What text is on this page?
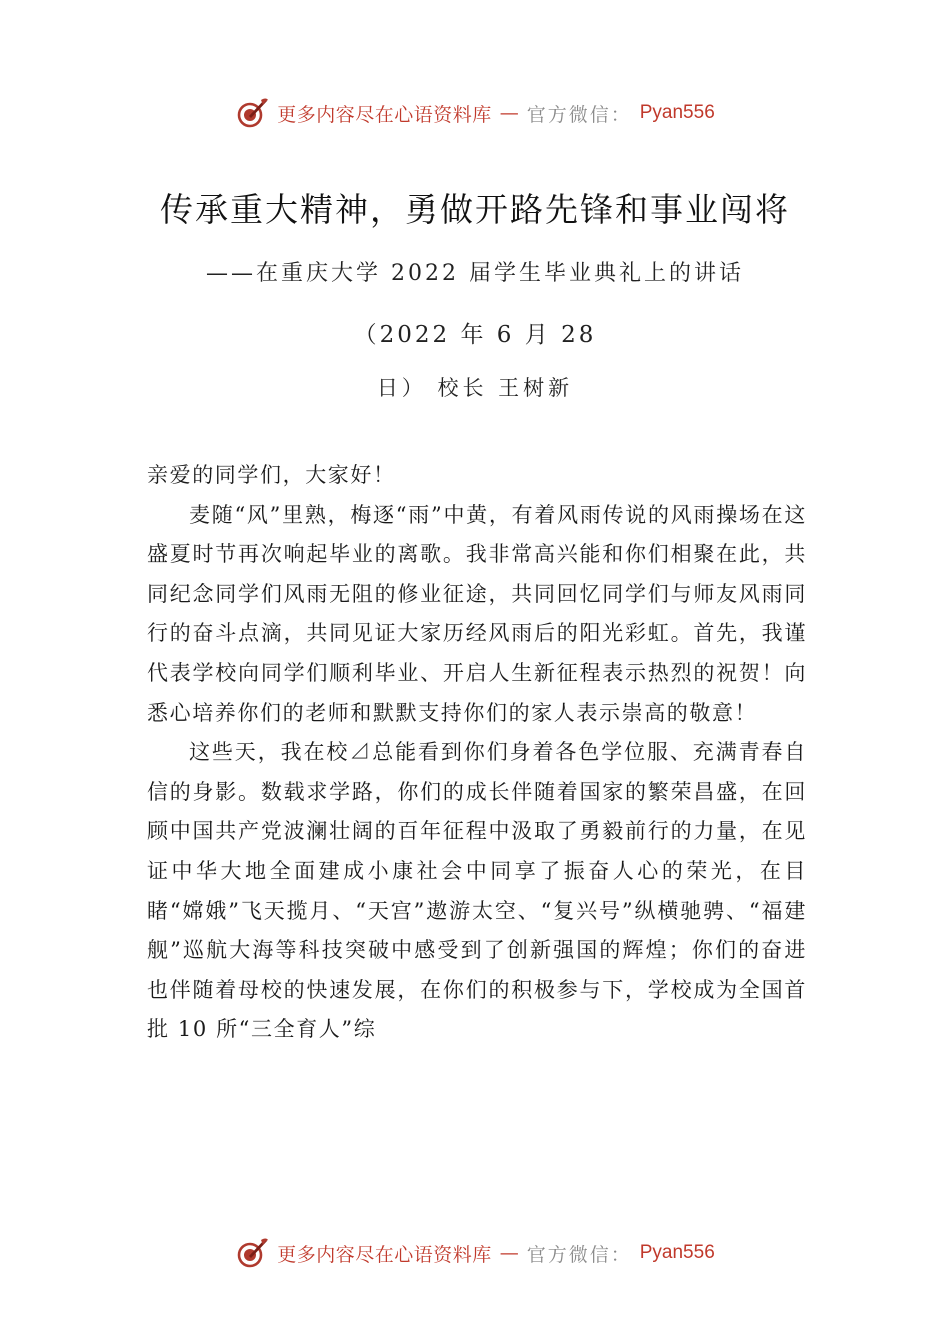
更多内容尽在心语资料库 — 官方微信： Pyan556
传承重大精神，勇做开路先锋和事业闯将
——在重庆大学 2022 届学生毕业典礼上的讲话
（2022 年 6 月 28
日） 校长 王树新

亲爱的同学们，大家好！

麦随“风”里熟，梅逐“雨”中黄，有着风雨传说的风雨操场在这盛夏时节再次响起毕业的离歌。我非常高兴能和你们相聚在此，共同纪念同学们风雨无阻的修业征途，共同回忆同学们与师友风雨同行的奋斗点滴，共同见证大家历经风雨后的阳光彩虹。首先，我谨代表学校向同学们顺利毕业、开启人生新征程表示热烈的祝贺！向悉心培养你们的老师和默默支持你们的家人表示崇高的敬意！

这些天，我在校⊿总能看到你们身着各色学位服、充满青春自信的身影。数载求学路，你们的成长伴随着国家的繁荣昌盛，在回顾中国共产党波澜壮阔的百年征程中汲取了勇毅前行的力量，在见证中华大地全面建成小康社会中同享了振奋人心的荣光，在目睹“嫦娥”飞天揽月、“天宫”遨游太空、“复兴号”纵横驰骋、“福建舰”巡航大海等科技突破中感受到了创新强国的辉煌；你们的奋进也伴随着母校的快速发展，在你们的积极参与下，学校成为全国首批 10 所“三全育人”综

更多内容尽在心语资料库 — 官方微信： Pyan556
